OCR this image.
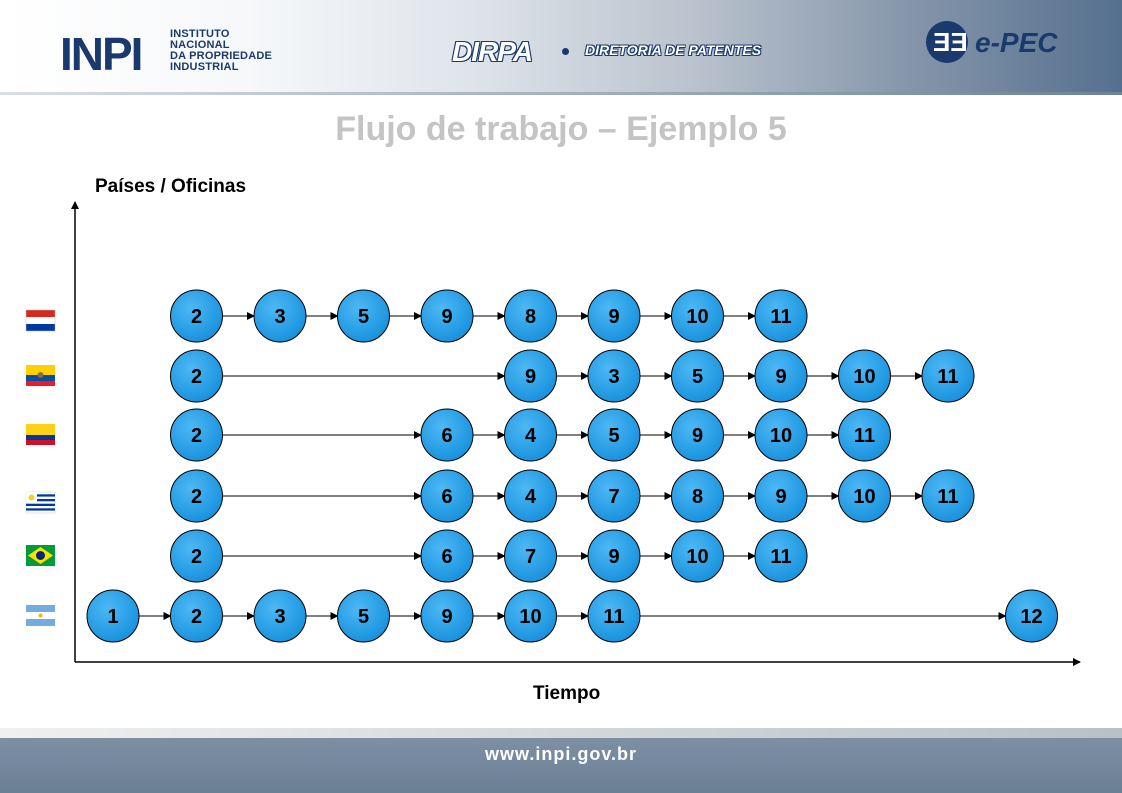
INPI	INSTITUTO
NACIONAL
DA PROPRIEDADE
INDUSTRIAL	DIRPA	DIRETORIA DE PATENTES	ƎƎ e-PEC
Flujo de trabajo – Ejemplo 5
Países / Oficinas
Tiempo
2	3	5	9	8	9	10	11
2	9	3	5	9	10	11
2	6	4	5	9	10	11
2	6	4	7	8	9	10	11
2	6	7	9	10	11
1	2	3	5	9	10	11	12
www.inpi.gov.br
